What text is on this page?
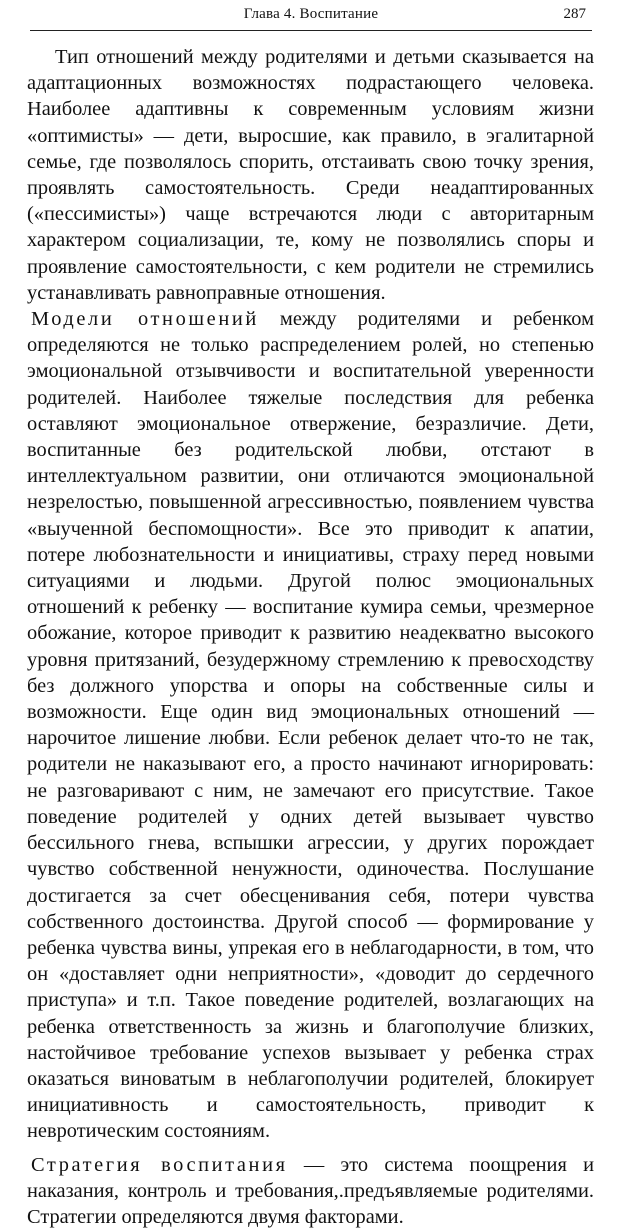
Глава 4. Воспитание	287

Тип отношений между родителями и детьми сказывается на адаптационных возможностях подрастающего человека. Наиболее адаптивны к современным условиям жизни «оптимисты» — дети, выросшие, как правило, в эгалитарной семье, где позволялось спорить, отстаивать свою точку зрения, проявлять самостоятельность. Среди неадаптированных («пессимисты») чаще встречаются люди с авторитарным характером социализации, те, кому не позволялись споры и проявление самостоятельности, с кем родители не стремились устанавливать равноправные отношения.

Модели отношений между родителями и ребенком определяются не только распределением ролей, но степенью эмоциональной отзывчивости и воспитательной уверенности родителей. Наиболее тяжелые последствия для ребенка оставляют эмоциональное отвержение, безразличие. Дети, воспитанные без родительской любви, отстают в интеллектуальном развитии, они отличаются эмоциональной незрелостью, повышенной агрессивностью, появлением чувства «выученной беспомощности». Все это приводит к апатии, потере любознательности и инициативы, страху перед новыми ситуациями и людьми. Другой полюс эмоциональных отношений к ребенку — воспитание кумира семьи, чрезмерное обожание, которое приводит к развитию неадекватно высокого уровня притязаний, безудержному стремлению к превосходству без должного упорства и опоры на собственные силы и возможности. Еще один вид эмоциональных отношений — нарочитое лишение любви. Если ребенок делает что-то не так, родители не наказывают его, а просто начинают игнорировать: не разговаривают с ним, не замечают его присутствие. Такое поведение родителей у одних детей вызывает чувство бессильного гнева, вспышки агрессии, у других порождает чувство собственной ненужности, одиночества. Послушание достигается за счет обесценивания себя, потери чувства собственного достоинства. Другой способ — формирование у ребенка чувства вины, упрекая его в неблагодарности, в том, что он «доставляет одни неприятности», «доводит до сердечного приступа» и т.п. Такое поведение родителей, возлагающих на ребенка ответственность за жизнь и благополучие близких, настойчивое требование успехов вызывает у ребенка страх оказаться виноватым в неблагополучии родителей, блокирует инициативность и самостоятельность, приводит к невротическим состояниям.

Стратегия воспитания — это система поощрения и наказания, контроль и требования,.предъявляемые родителями. Стратегии определяются двумя факторами.
